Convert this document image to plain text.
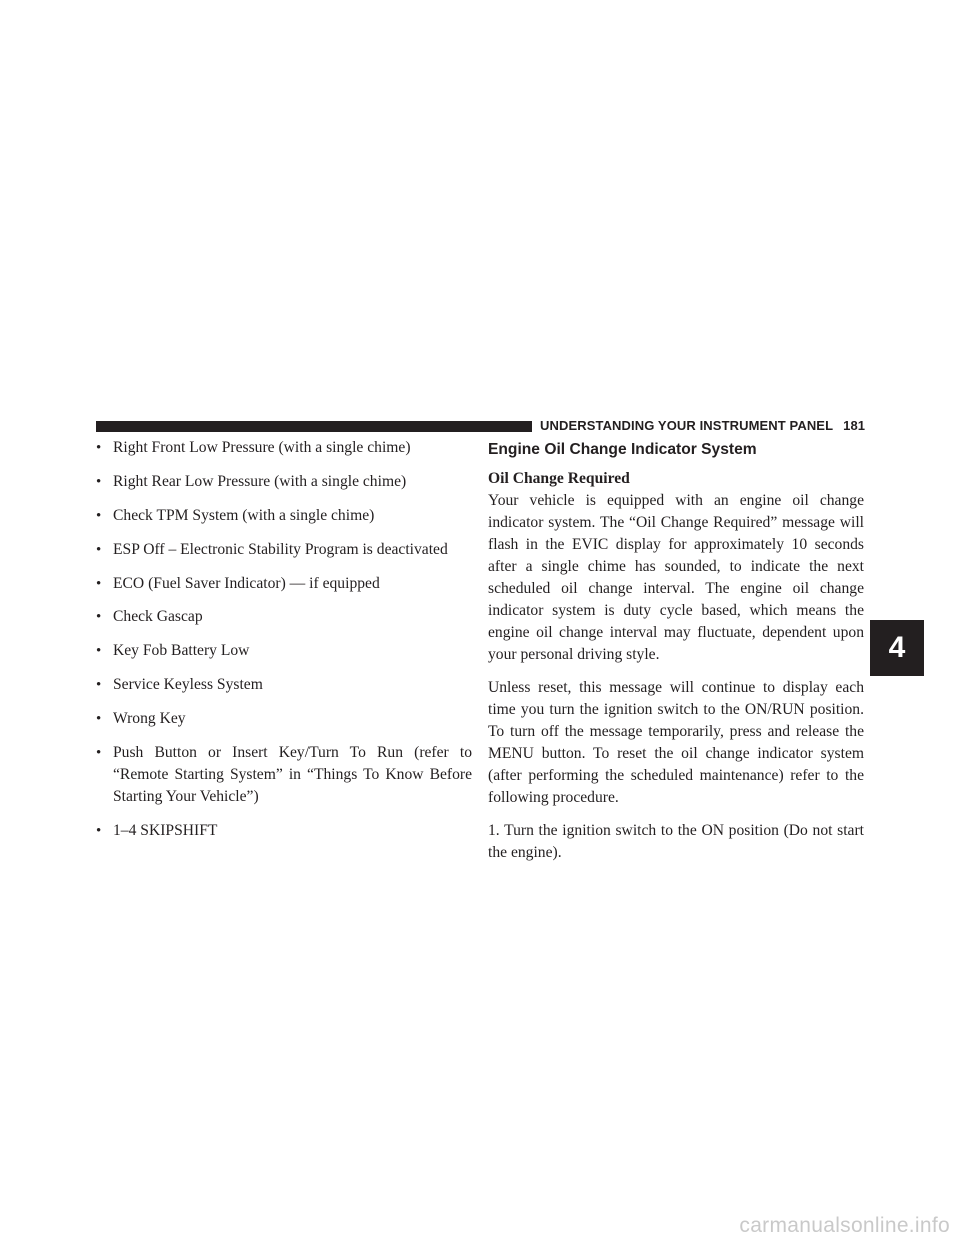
UNDERSTANDING YOUR INSTRUMENT PANEL 181
• Right Front Low Pressure (with a single chime)
• Right Rear Low Pressure (with a single chime)
• Check TPM System (with a single chime)
• ESP Off – Electronic Stability Program is deactivated
• ECO (Fuel Saver Indicator) — if equipped
• Check Gascap
• Key Fob Battery Low
• Service Keyless System
• Wrong Key
• Push Button or Insert Key/Turn To Run (refer to “Remote Starting System” in “Things To Know Before Starting Your Vehicle”)
• 1–4 SKIPSHIFT
Engine Oil Change Indicator System
Oil Change Required

Your vehicle is equipped with an engine oil change indicator system. The “Oil Change Required” message will flash in the EVIC display for approximately 10 seconds after a single chime has sounded, to indicate the next scheduled oil change interval. The engine oil change indicator system is duty cycle based, which means the engine oil change interval may fluctuate, dependent upon your personal driving style.

Unless reset, this message will continue to display each time you turn the ignition switch to the ON/RUN position. To turn off the message temporarily, press and release the MENU button. To reset the oil change indicator system (after performing the scheduled maintenance) refer to the following procedure.

1. Turn the ignition switch to the ON position (Do not start the engine).

4
carmanualsonline.info
